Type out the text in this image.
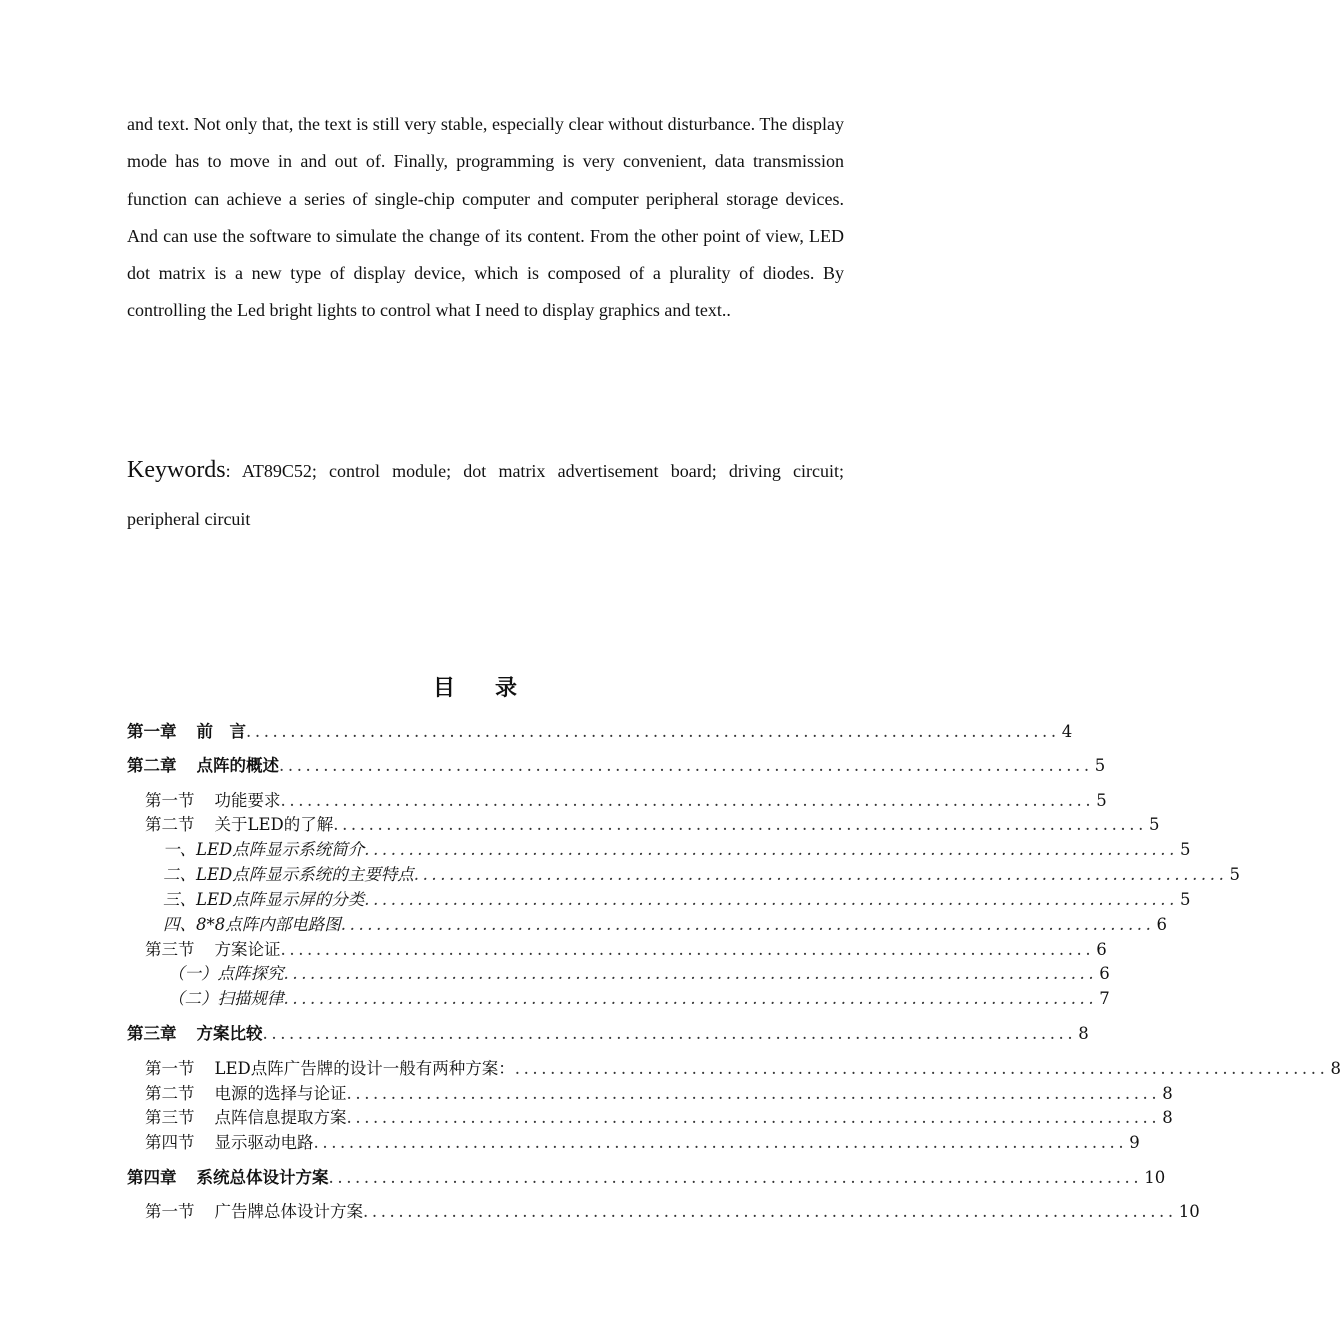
and text. Not only that, the text is still very stable, especially clear without disturbance. The display mode has to move in and out of. Finally, programming is very convenient, data transmission function can achieve a series of single-chip computer and computer peripheral storage devices. And can use the software to simulate the change of its content. From the other point of view, LED dot matrix is a new type of display device, which is composed of a plurality of diodes. By controlling the Led bright lights to control what I need to display graphics and text..

Keywords: AT89C52; control module; dot matrix advertisement board; driving circuit; peripheral circuit

目 录
第一章 前　言 ............................................................................................ 4
第二章 点阵的概述 ............................................................................................ 5
第一节 功能要求 ............................................................................................ 5
第二节 关于LED的了解 ............................................................................................ 5
一、LED点阵显示系统简介 ............................................................................................ 5
二、LED点阵显示系统的主要特点 ............................................................................................ 5
三、LED点阵显示屏的分类 ............................................................................................ 5
四、8*8点阵内部电路图 ............................................................................................ 6
第三节 方案论证 ............................................................................................ 6
（一）点阵探究 ............................................................................................ 6
（二）扫描规律 ............................................................................................ 7
第三章 方案比较 ............................................................................................ 8
第一节 LED点阵广告牌的设计一般有两种方案： ............................................................................................ 8
第二节 电源的选择与论证 ............................................................................................ 8
第三节 点阵信息提取方案 ............................................................................................ 8
第四节 显示驱动电路 ............................................................................................ 9
第四章 系统总体设计方案 ............................................................................................ 10
第一节 广告牌总体设计方案 ............................................................................................ 10
